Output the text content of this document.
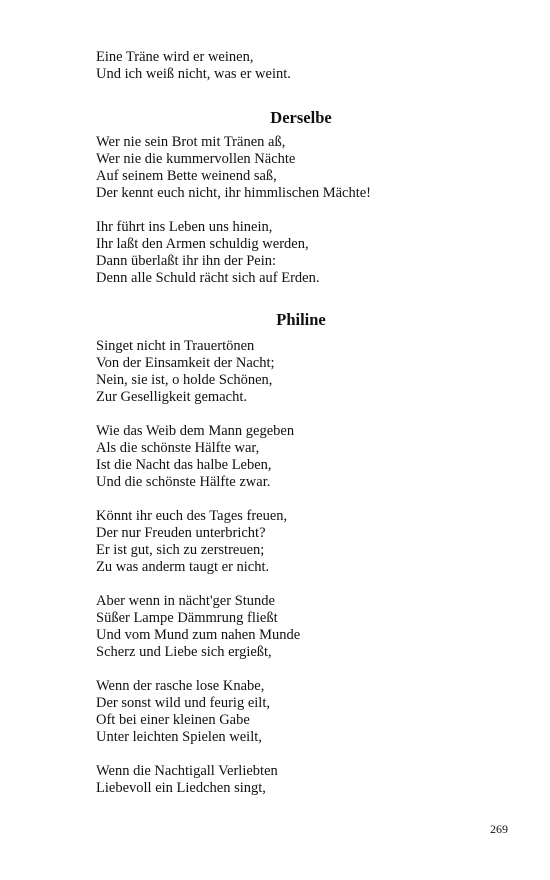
Eine Träne wird er weinen,
Und ich weiß nicht, was er weint.
Derselbe
Wer nie sein Brot mit Tränen aß,
Wer nie die kummervollen Nächte
Auf seinem Bette weinend saß,
Der kennt euch nicht, ihr himmlischen Mächte!
Ihr führt ins Leben uns hinein,
Ihr laßt den Armen schuldig werden,
Dann überlaßt ihr ihn der Pein:
Denn alle Schuld rächt sich auf Erden.
Philine
Singet nicht in Trauertönen
Von der Einsamkeit der Nacht;
Nein, sie ist, o holde Schönen,
Zur Geselligkeit gemacht.
Wie das Weib dem Mann gegeben
Als die schönste Hälfte war,
Ist die Nacht das halbe Leben,
Und die schönste Hälfte zwar.
Könnt ihr euch des Tages freuen,
Der nur Freuden unterbricht?
Er ist gut, sich zu zerstreuen;
Zu was anderm taugt er nicht.
Aber wenn in nächt'ger Stunde
Süßer Lampe Dämmrung fließt
Und vom Mund zum nahen Munde
Scherz und Liebe sich ergießt,
Wenn der rasche lose Knabe,
Der sonst wild und feurig eilt,
Oft bei einer kleinen Gabe
Unter leichten Spielen weilt,
Wenn die Nachtigall Verliebten
Liebevoll ein Liedchen singt,
269
